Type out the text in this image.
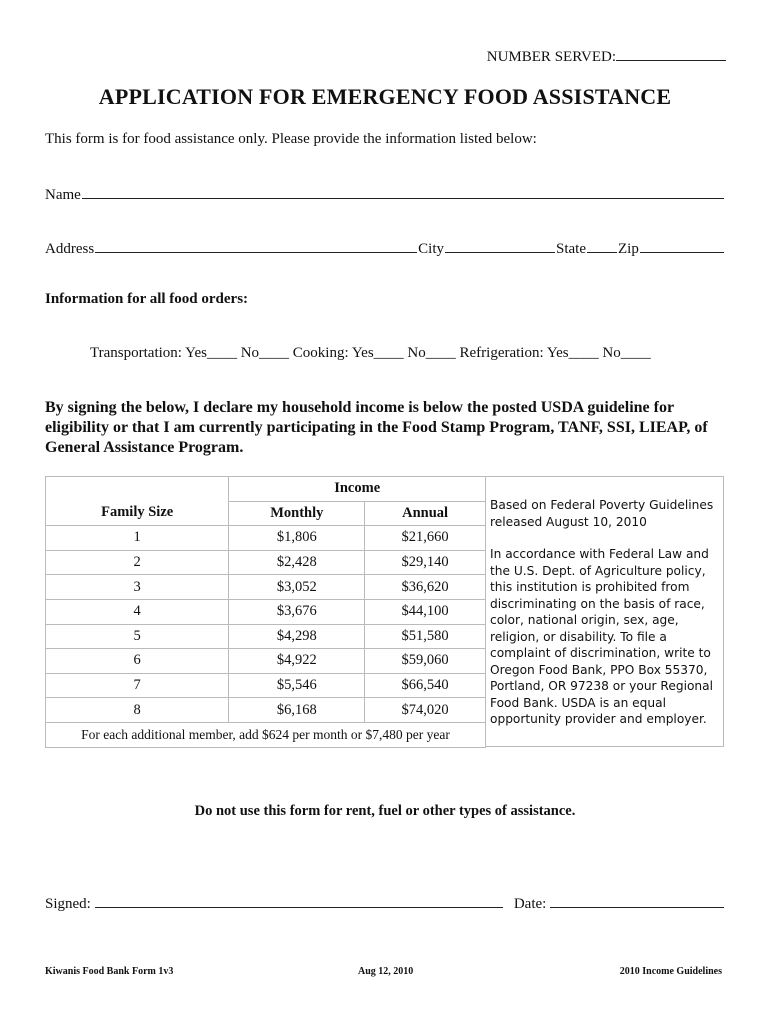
NUMBER SERVED:
APPLICATION FOR EMERGENCY FOOD ASSISTANCE
This form is for food assistance only. Please provide the information listed below:
Name
Address	City	State Zip
Information for all food orders:
Transportation: Yes____ No____ Cooking: Yes____ No____ Refrigeration: Yes____ No____
By signing the below, I declare my household income is below the posted USDA guideline for eligibility or that I am currently participating in the Food Stamp Program, TANF, SSI, LIEAP, of General Assistance Program.
Family Size	Income	
	Monthly	Annual
1	$1,806	$21,660
2	$2,428	$29,140
3	$3,052	$36,620
4	$3,676	$44,100
5	$4,298	$51,580
6	$4,922	$59,060
7	$5,546	$66,540
8	$6,168	$74,020
For each additional member, add $624 per month or $7,480 per year		

Based on Federal Poverty Guidelines released August 10, 2010

In accordance with Federal Law and the U.S. Dept. of Agriculture policy, this institution is prohibited from discriminating on the basis of race, color, national origin, sex, age, religion, or disability. To file a complaint of discrimination, write to Oregon Food Bank, PPO Box 55370, Portland, OR 97238 or your Regional Food Bank. USDA is an equal opportunity provider and employer.

Do not use this form for rent, fuel or other types of assistance.
Signed:	Date:
Kiwanis Food Bank Form 1v3	Aug 12, 2010	2010 Income Guidelines
